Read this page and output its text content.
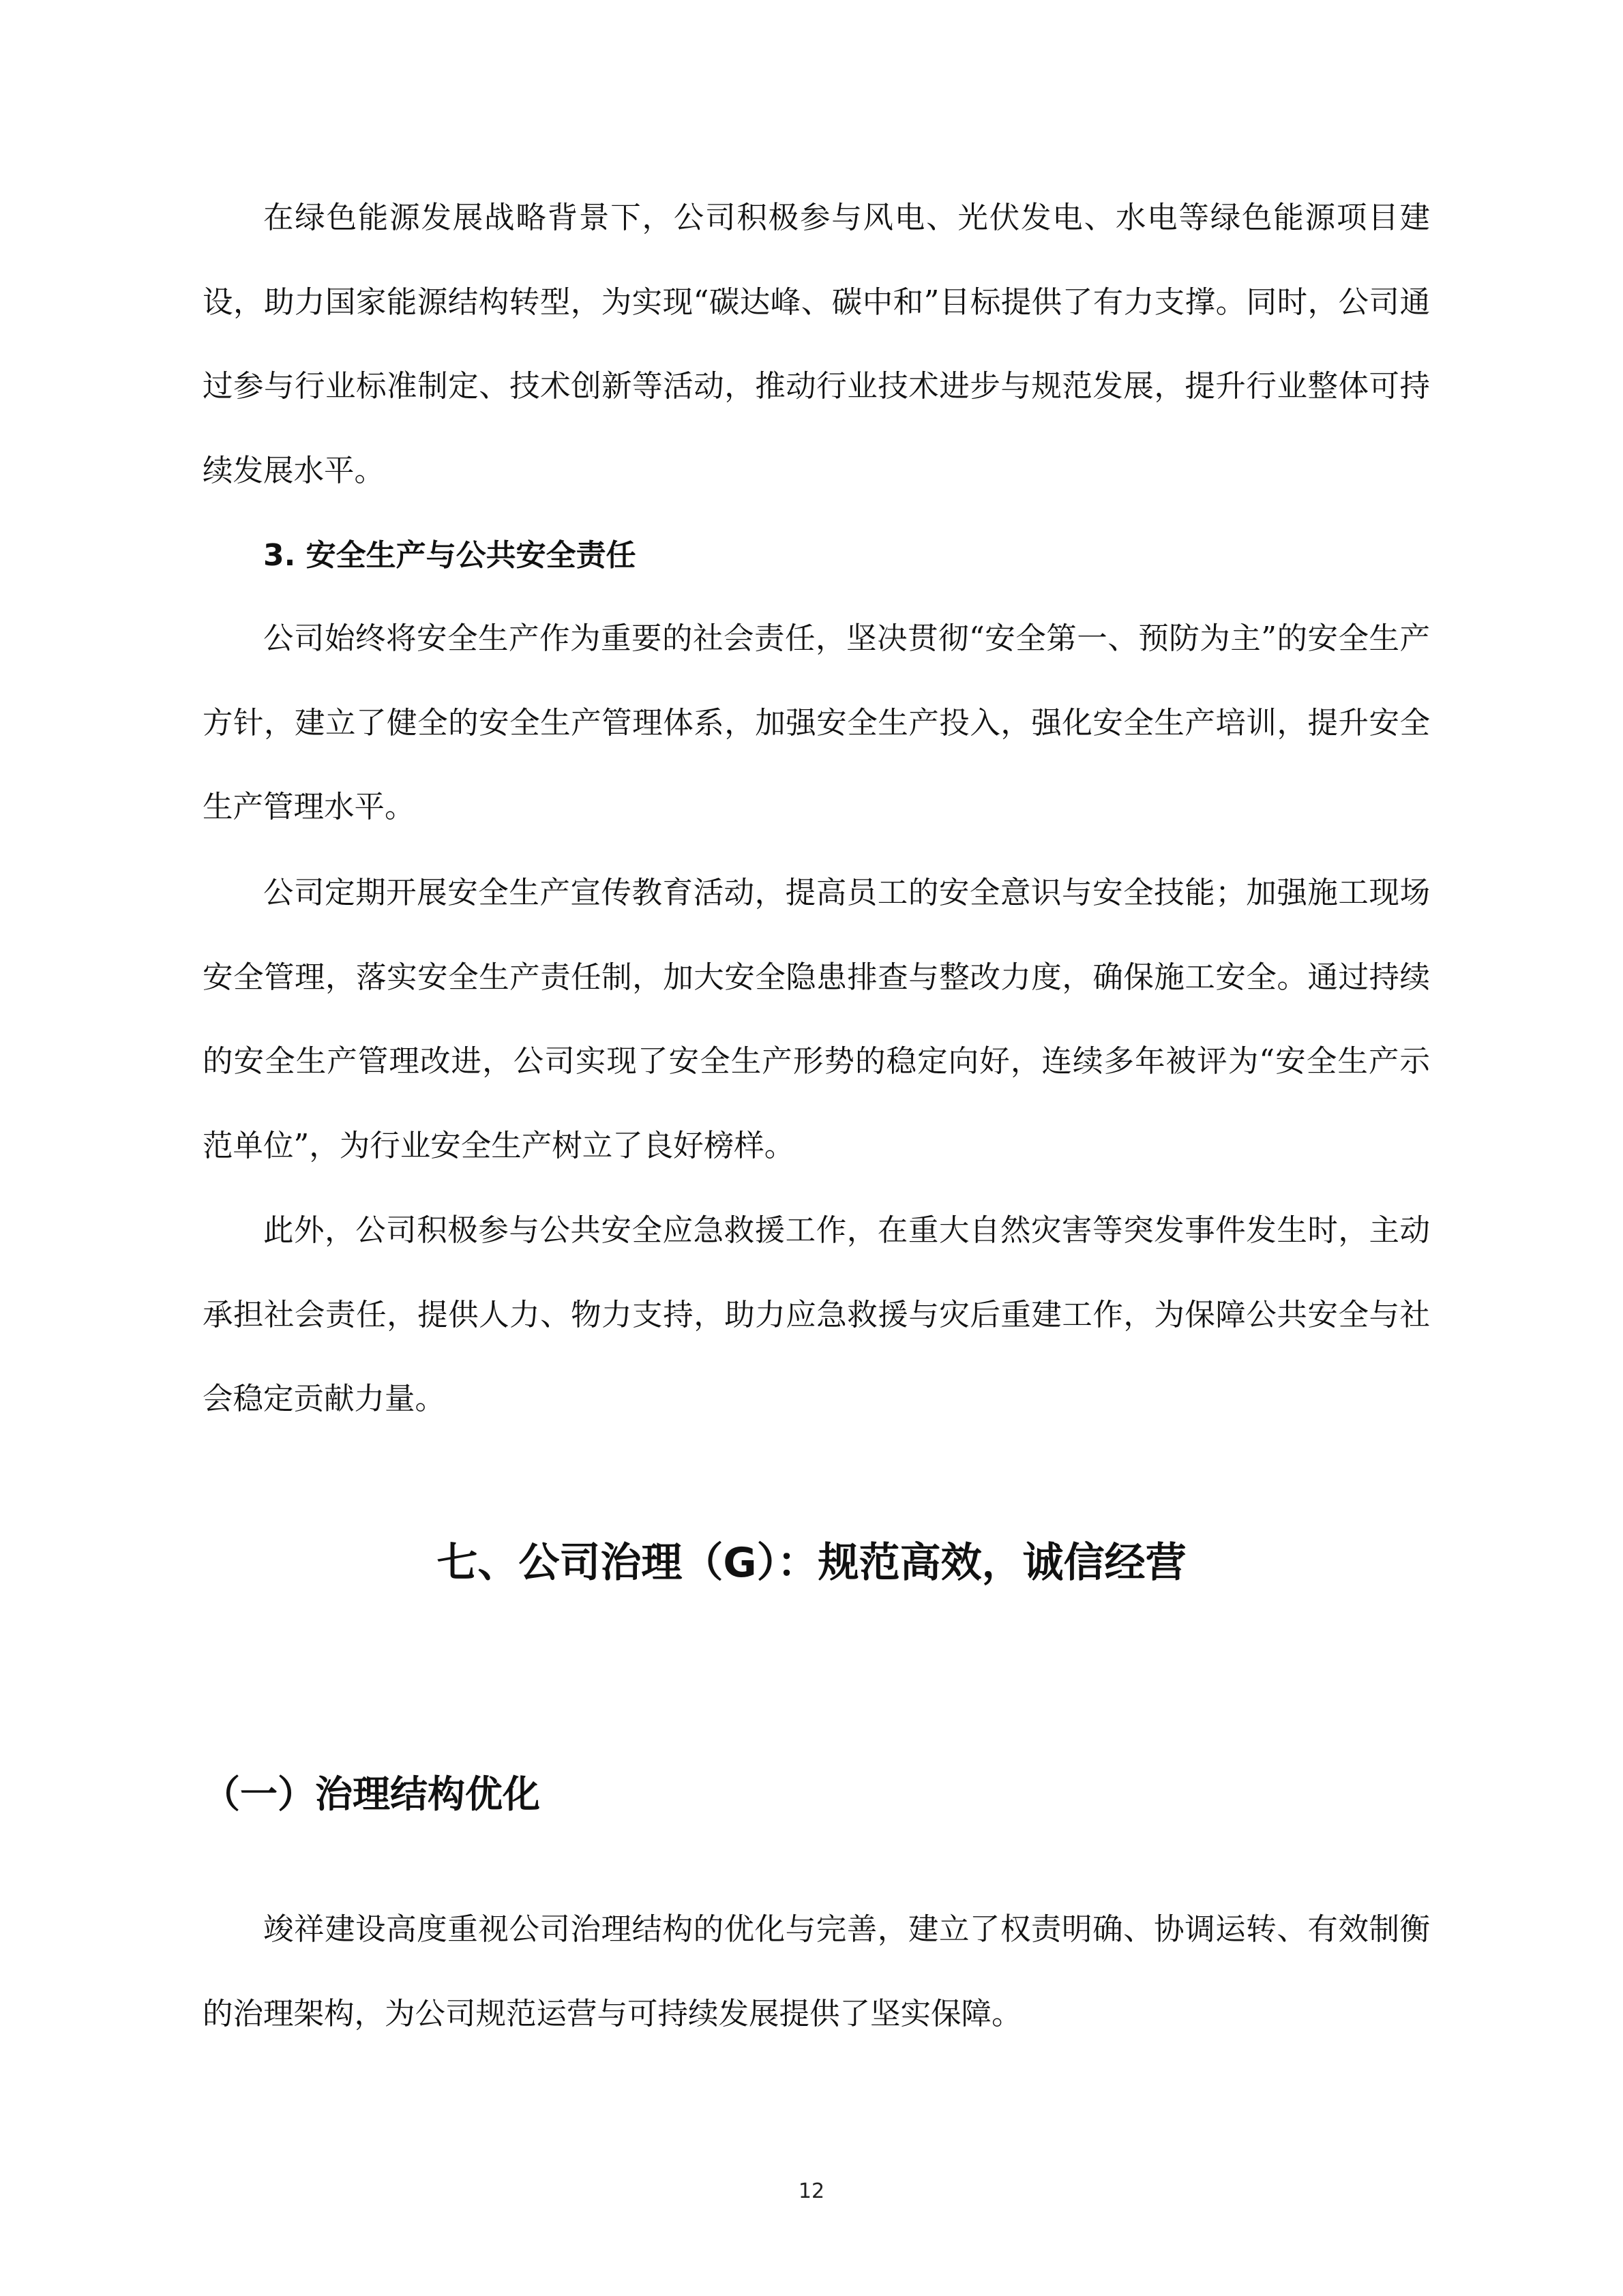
在绿色能源发展战略背景下，公司积极参与风电、光伏发电、水电等绿色能源项目建设，助力国家能源结构转型，为实现“碳达峰、碳中和”目标提供了有力支撑。同时，公司通过参与行业标准制定、技术创新等活动，推动行业技术进步与规范发展，提升行业整体可持续发展水平。

3. 安全生产与公共安全责任

公司始终将安全生产作为重要的社会责任，坚决贯彻“安全第一、预防为主”的安全生产方针，建立了健全的安全生产管理体系，加强安全生产投入，强化安全生产培训，提升安全生产管理水平。

公司定期开展安全生产宣传教育活动，提高员工的安全意识与安全技能；加强施工现场安全管理，落实安全生产责任制，加大安全隐患排查与整改力度，确保施工安全。通过持续的安全生产管理改进，公司实现了安全生产形势的稳定向好，连续多年被评为“安全生产示范单位”，为行业安全生产树立了良好榜样。

此外，公司积极参与公共安全应急救援工作，在重大自然灾害等突发事件发生时，主动承担社会责任，提供人力、物力支持，助力应急救援与灾后重建工作，为保障公共安全与社会稳定贡献力量。

七、公司治理（G）：规范高效，诚信经营
（一）治理结构优化

竣祥建设高度重视公司治理结构的优化与完善，建立了权责明确、协调运转、有效制衡的治理架构，为公司规范运营与可持续发展提供了坚实保障。

12
